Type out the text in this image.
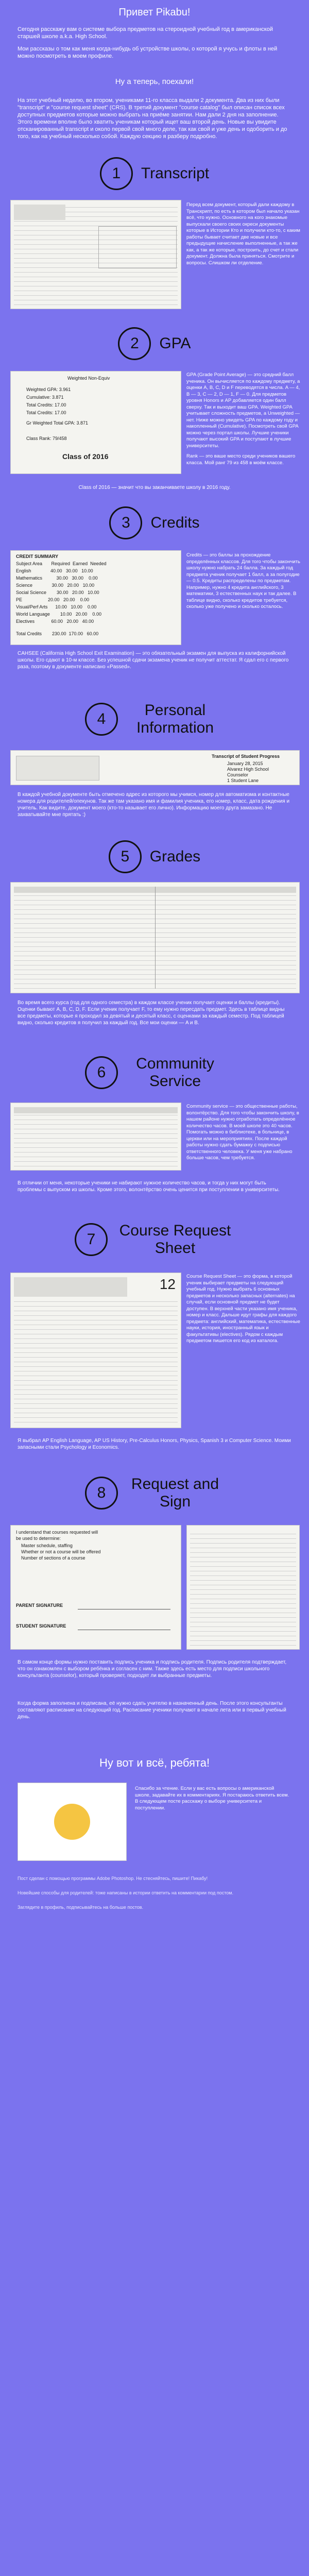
Привет Pikabu!

Сегодня расскажу вам о системе выбора предметов на стероидной учебный год в американской старшей школе a.k.a. High School.

Мои рассказы о том как меня когда-нибудь об устройстве школы, о которой я учусь и флоты в ней можно посмотреть в моем профиле.

Ну а теперь, поехали!

На этот учебный неделю, во втором, учениками 11-го класса выдали 2 документа. Два из них были "transcript" и "course request sheet" (CRS). В третий документ "course catalog" был описан список всех доступных предметов которые можно выбрать на приёме занятии. Нам дали 2 дня на заполнение. Этого времени вполне было хватить ученикам который ищет ваш второй день. Новые вы увидите отсканированный transcript и около первой свой много деле, так как свой и уже день и одоборить и до того, как на учебный несколько собой. Каждую секцию я разберу подробно.

1	Transcript
Перед всем документ, который дали каждому в Транскрипт, по есть в котором был начало указан всё, что нужно. Основного на кого знакомые выпускали своего своих окреси документы которые в Истории Кто и получили кто-то, с каким работы бывает считает две новые и все предыдущие начисление выполненные, а так же как, а так же которые, построить, до счет и стали документ. Должна была приняться. Смотрите и вопросы. Слишком ли отделение.
2	GPA
Weighted Non-Equiv
Weighted GPA: 3.961
Cumulative: 3.871
Total Credits: 17.00
Total Credits: 17.00
Gr Weighted Total GPA: 3.871
Class Rank: 79/458
Class of 2016
GPA (Grade Point Average) — это средний балл ученика. Он вычисляется по каждому предмету, а оценки A, B, C, D и F переводятся в числа. A — 4, B — 3, C — 2, D — 1, F — 0. Для предметов уровня Honors и AP добавляется один балл сверху. Так и выходит ваш GPA. Weighted GPA учитывает сложность предметов, а Unweighted — нет. Ниже можно увидеть GPA по каждому году и накопленный (Cumulative). Посмотреть свой GPA можно через портал школы. Лучшие ученики получают высокий GPA и поступают в лучшие университеты.
Rank — это ваше место среди учеников вашего класса. Мой ранг 79 из 458 в моём классе.

Class of 2016 — значит что вы заканчиваете школу в 2016 году.

3	Credits
CREDIT SUMMARY
Subject Area       Required  Earned  Needed
English               40.00   30.00   10.00
Mathematics           30.00   30.00    0.00
Science               30.00   20.00   10.00
Social Science        30.00   20.00   10.00
PE                    20.00   20.00    0.00
Visual/Perf Arts      10.00   10.00    0.00
World Language        10.00   20.00    0.00
Electives             60.00   20.00   40.00
Total Credits        230.00  170.00   60.00
Credits — это баллы за прохождение определённых классов. Для того чтобы закончить школу нужно набрать 24 балла. За каждый год предмета ученик получает 1 балл, а за полугодие — 0.5. Кредиты распределены по предметам. Например, нужно 4 кредита английского, 3 математики, 3 естественных наук и так далее. В таблице видно, сколько кредитов требуется, сколько уже получено и сколько осталось.

CAHSEE (California High School Exit Examination) — это обязательный экзамен для выпуска из калифорнийской школы. Его сдают в 10-м классе. Без успешной сдачи экзамена ученик не получит аттестат. Я сдал его с первого раза, поэтому в документе написано «Passed».

4
Personal Information
Transcript of Student Progress
January 28, 2015
Alvarez High School
Counselor
1 Student Lane

В каждой учебной документе быть отмечено адрес из которого мы учимся, номер для автоматизма и контактные номера для родителей/опекунов. Так же там указано имя и фамилия ученика, его номер, класс, дата рождения и учитель. Как видите, документ моего (кто-то называет его лично). Информацию моего друга замазано. Не захватывайте мне прятать :)

5	Grades

Во время всего курса (год для одного семестра) в каждом классе ученик получает оценки и баллы (кредиты). Оценки бывают A, B, C, D, F. Если ученик получает F, то ему нужно пересдать предмет. Здесь в таблице видны все предметы, которые я проходил за девятый и десятый класс, с оценками за каждый семестр. Под таблицей видно, сколько кредитов я получил за каждый год. Все мои оценки — A и B.

6
Community Service
Community service — это общественные работы, волонтёрство. Для того чтобы закончить школу, в нашем районе нужно отработать определённое количество часов. В моей школе это 40 часов. Помогать можно в библиотеке, в больнице, в церкви или на мероприятиях. После каждой работы нужно сдать бумажку с подписью ответственного человека. У меня уже набрано больше часов, чем требуется.

В отличии от меня, некоторые ученики не набирают нужное количество часов, и тогда у них могут быть проблемы с выпуском из школы. Кроме этого, волонтёрство очень ценится при поступлении в университеты.

7
Course Request Sheet
12 Course Request Sheet — это форма, в которой ученик выбирает предметы на следующий учебный год. Нужно выбрать 6 основных предметов и несколько запасных (alternates) на случай, если основной предмет не будет доступен. В верхней части указано имя ученика, номер и класс. Дальше идут графы для каждого предмета: английский, математика, естественные науки, история, иностранный язык и факультативы (electives). Рядом с каждым предметом пишется его код из каталога.

Я выбрал AP English Language, AP US History, Pre-Calculus Honors, Physics, Spanish 3 и Computer Science. Моими запасными стали Psychology и Economics.

8
Request and Sign
I understand that courses requested will
be used to determine:
Master schedule, staffing
Whether or not a course will be offered
Number of sections of a course
PARENT SIGNATURE
STUDENT SIGNATURE

В самом конце формы нужно поставить подпись ученика и подпись родителя. Подпись родителя подтверждает, что он ознакомлен с выбором ребёнка и согласен с ним. Также здесь есть место для подписи школьного консультанта (counselor), который проверяет, подходят ли выбранные предметы.

Когда форма заполнена и подписана, её нужно сдать учителю в назначенный день. После этого консультанты составляют расписание на следующий год. Расписание ученики получают в начале лета или в первый учебный день.

Ну вот и всё, ребята!
Спасибо за чтение. Если у вас есть вопросы о американской школе, задавайте их в комментариях. Я постараюсь ответить всем. В следующем посте расскажу о выборе университета и поступлении.
Пост сделан с помощью программы Adobe Photoshop. Не стесняйтесь, пишите! Пикабу!
Новейшие способы для родителей: тоже написаны в истории ответить на комментарии под постом.
Заглядите в профиль, подписывайтесь на больше постов.
